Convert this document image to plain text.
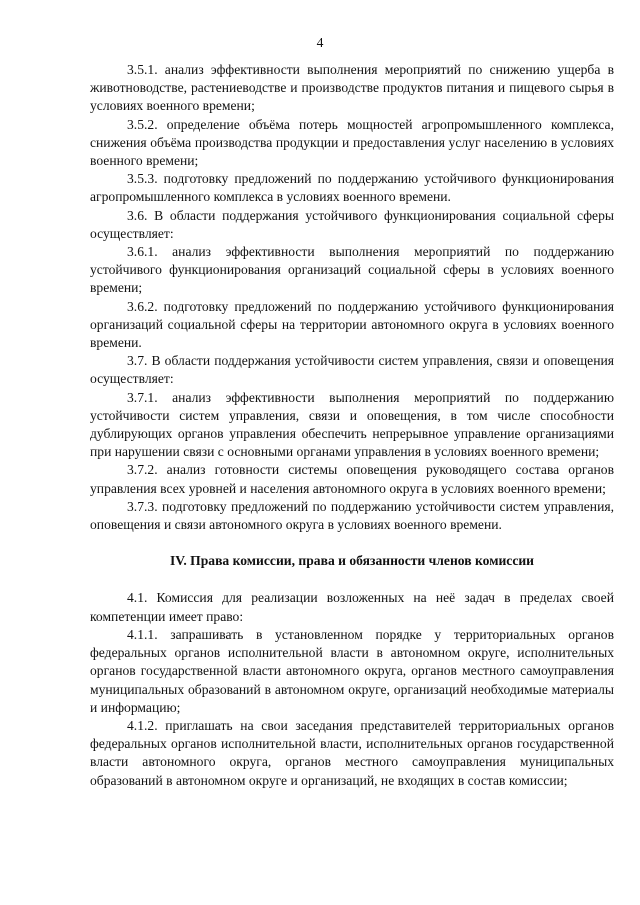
4

3.5.1. анализ эффективности выполнения мероприятий по снижению ущерба в животноводстве, растениеводстве и производстве продуктов питания и пищевого сырья в условиях военного времени;

3.5.2. определение объёма потерь мощностей агропромышленного комплекса, снижения объёма производства продукции и предоставления услуг населению в условиях военного времени;

3.5.3. подготовку предложений по поддержанию устойчивого функционирования агропромышленного комплекса в условиях военного времени.

3.6. В области поддержания устойчивого функционирования социальной сферы осуществляет:

3.6.1. анализ эффективности выполнения мероприятий по поддержанию устойчивого функционирования организаций социальной сферы в условиях военного времени;

3.6.2. подготовку предложений по поддержанию устойчивого функционирования организаций социальной сферы на территории автономного округа в условиях военного времени.

3.7. В области поддержания устойчивости систем управления, связи и оповещения осуществляет:

3.7.1. анализ эффективности выполнения мероприятий по поддержанию устойчивости систем управления, связи и оповещения, в том числе способности дублирующих органов управления обеспечить непрерывное управление организациями при нарушении связи с основными органами управления в условиях военного времени;

3.7.2. анализ готовности системы оповещения руководящего состава органов управления всех уровней и населения автономного округа в условиях военного времени;

3.7.3. подготовку предложений по поддержанию устойчивости систем управления, оповещения и связи автономного округа в условиях военного времени.

IV. Права комиссии, права и обязанности членов комиссии

4.1. Комиссия для реализации возложенных на неё задач в пределах своей компетенции имеет право:

4.1.1. запрашивать в установленном порядке у территориальных органов федеральных органов исполнительной власти в автономном округе, исполнительных органов государственной власти автономного округа, органов местного самоуправления муниципальных образований в автономном округе, организаций необходимые материалы и информацию;

4.1.2. приглашать на свои заседания представителей территориальных органов федеральных органов исполнительной власти, исполнительных органов государственной власти автономного округа, органов местного самоуправления муниципальных образований в автономном округе и организаций, не входящих в состав комиссии;
